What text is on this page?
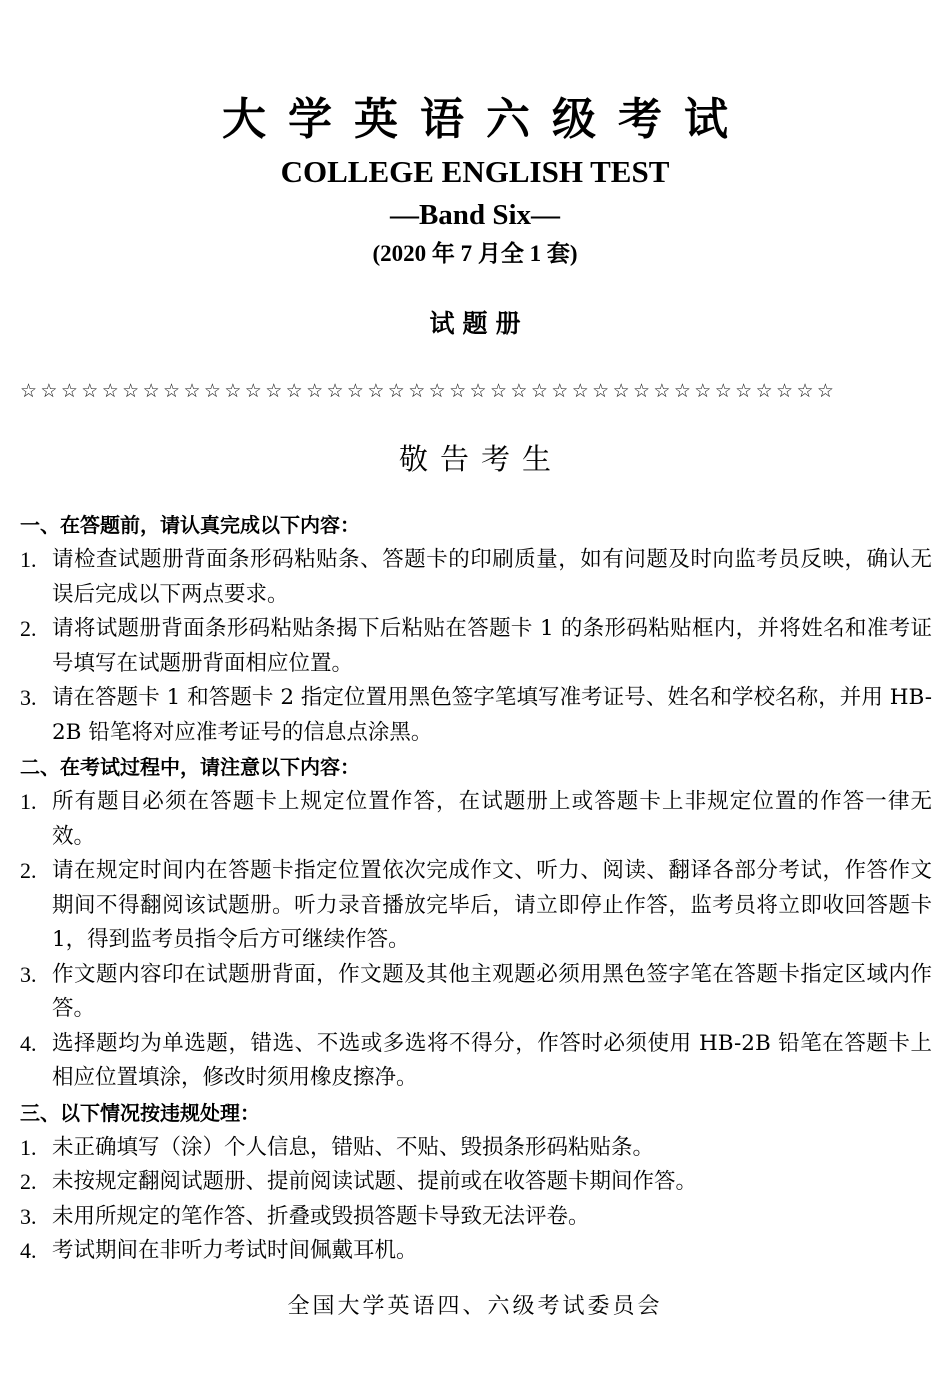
大学英语六级考试
COLLEGE ENGLISH TEST
—Band Six—
(2020 年 7 月全 1 套)
试题册
☆☆☆☆☆☆☆☆☆☆☆☆☆☆☆☆☆☆☆☆☆☆☆☆☆☆☆☆☆☆☆☆☆☆☆☆☆☆☆☆
敬告考生
一、在答题前，请认真完成以下内容：
1. 请检查试题册背面条形码粘贴条、答题卡的印刷质量，如有问题及时向监考员反映，确认无误后完成以下两点要求。
2. 请将试题册背面条形码粘贴条揭下后粘贴在答题卡 1 的条形码粘贴框内，并将姓名和准考证号填写在试题册背面相应位置。
3. 请在答题卡 1 和答题卡 2 指定位置用黑色签字笔填写准考证号、姓名和学校名称，并用 HB-2B 铅笔将对应准考证号的信息点涂黑。
二、在考试过程中，请注意以下内容：
1. 所有题目必须在答题卡上规定位置作答，在试题册上或答题卡上非规定位置的作答一律无效。
2. 请在规定时间内在答题卡指定位置依次完成作文、听力、阅读、翻译各部分考试，作答作文期间不得翻阅该试题册。听力录音播放完毕后，请立即停止作答，监考员将立即收回答题卡 1，得到监考员指令后方可继续作答。
3. 作文题内容印在试题册背面，作文题及其他主观题必须用黑色签字笔在答题卡指定区域内作答。
4. 选择题均为单选题，错选、不选或多选将不得分，作答时必须使用 HB-2B 铅笔在答题卡上相应位置填涂，修改时须用橡皮擦净。
三、以下情况按违规处理：
1. 未正确填写（涂）个人信息，错贴、不贴、毁损条形码粘贴条。
2. 未按规定翻阅试题册、提前阅读试题、提前或在收答题卡期间作答。
3. 未用所规定的笔作答、折叠或毁损答题卡导致无法评卷。
4. 考试期间在非听力考试时间佩戴耳机。
全国大学英语四、六级考试委员会
